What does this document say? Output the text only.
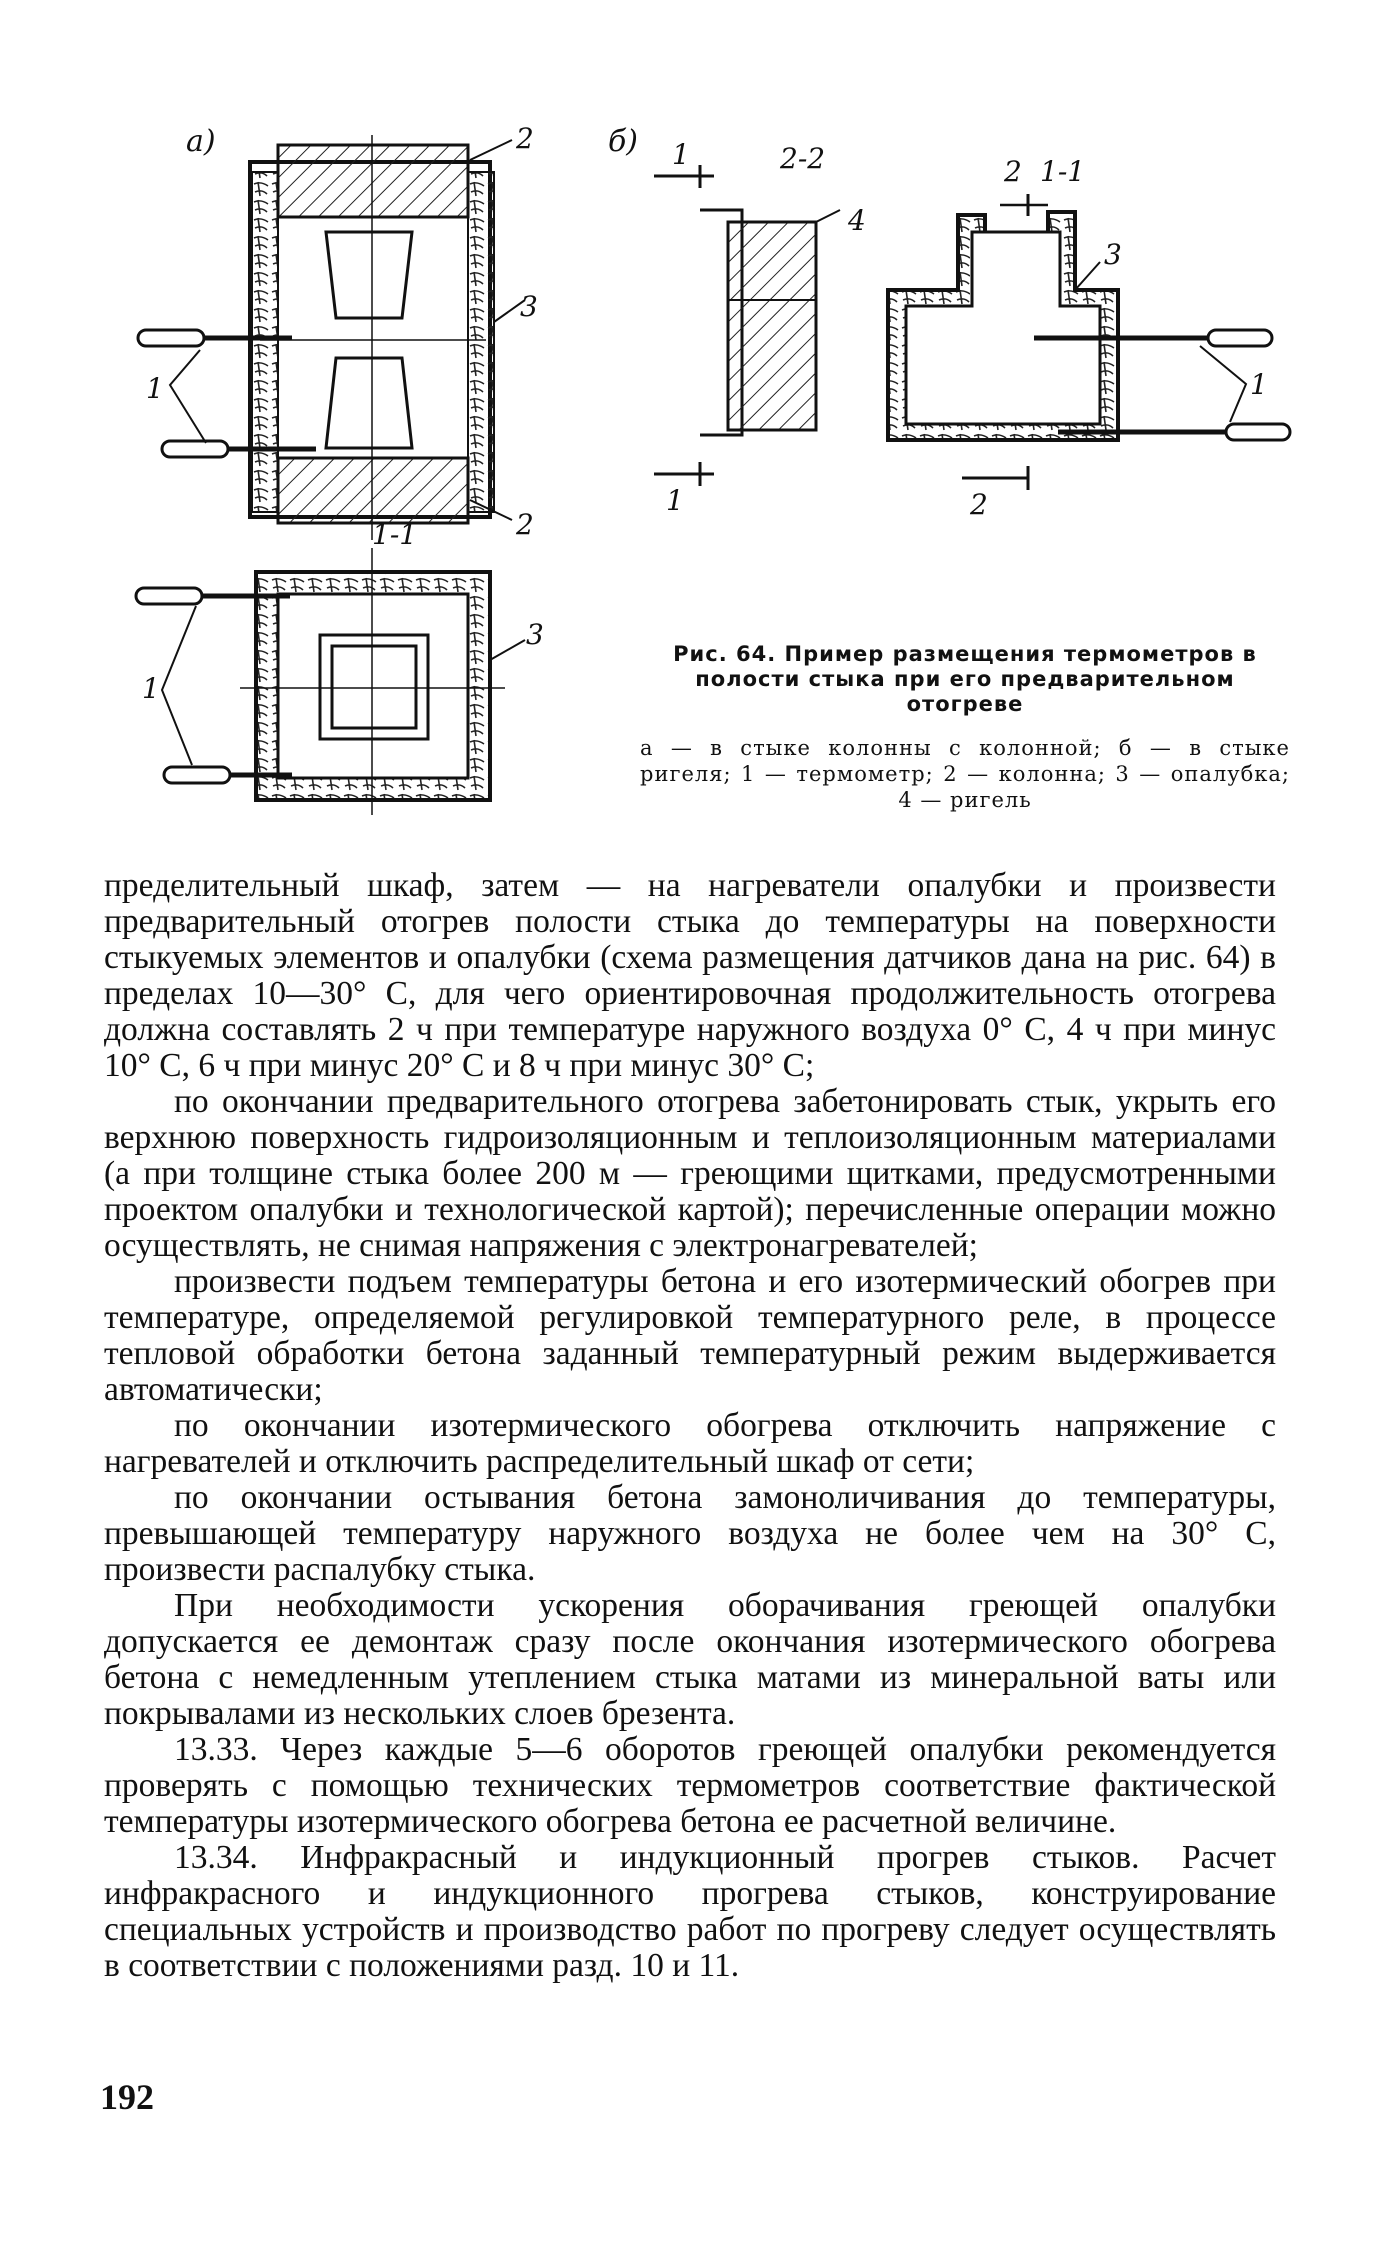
а)	б)
1-1
2-2	1-1
2
3
1
2
3
1
1
4
1
2
3
1
2
Рис. 64. Пример размещения термометров в полости стыка при его предварительном отогреве
а — в стыке колонны с колонной; б — в стыке ригеля; 1 — термометр; 2 — колонна; 3 — опалубка; 4 — ригель

пределительный шкаф, затем — на нагреватели опалубки и произвести предварительный отогрев полости стыка до температуры на поверхности стыкуемых элементов и опалубки (схема размещения датчиков дана на рис. 64) в пределах 10—30° С, для чего ориентировочная продолжительность отогрева должна составлять 2 ч при температуре наружного воздуха 0° С, 4 ч при минус 10° С, 6 ч при минус 20° С и 8 ч при минус 30° С;

по окончании предварительного отогрева забетонировать стык, укрыть его верхнюю поверхность гидроизоляционным и теплоизоляционным материалами (а при толщине стыка более 200 м — греющими щитками, предусмотренными проектом опалубки и технологической картой); перечисленные операции можно осуществлять, не снимая напряжения с электронагревателей;

произвести подъем температуры бетона и его изотермический обогрев при температуре, определяемой регулировкой температурного реле, в процессе тепловой обработки бетона заданный температурный режим выдерживается автоматически;

по окончании изотермического обогрева отключить напряжение с нагревателей и отключить распределительный шкаф от сети;

по окончании остывания бетона замоноличивания до температуры, превышающей температуру наружного воздуха не более чем на 30° С, произвести распалубку стыка.

При необходимости ускорения оборачивания греющей опалубки допускается ее демонтаж сразу после окончания изотермического обогрева бетона с немедленным утеплением стыка матами из минеральной ваты или покрывалами из нескольких слоев брезента.

13.33. Через каждые 5—6 оборотов греющей опалубки рекомендуется проверять с помощью технических термометров соответствие фактической температуры изотермического обогрева бетона ее расчетной величине.

13.34. Инфракрасный и индукционный прогрев стыков. Расчет инфракрасного и индукционного прогрева стыков, конструирование специальных устройств и производство работ по прогреву следует осуществлять в соответствии с положениями разд. 10 и 11.

192
